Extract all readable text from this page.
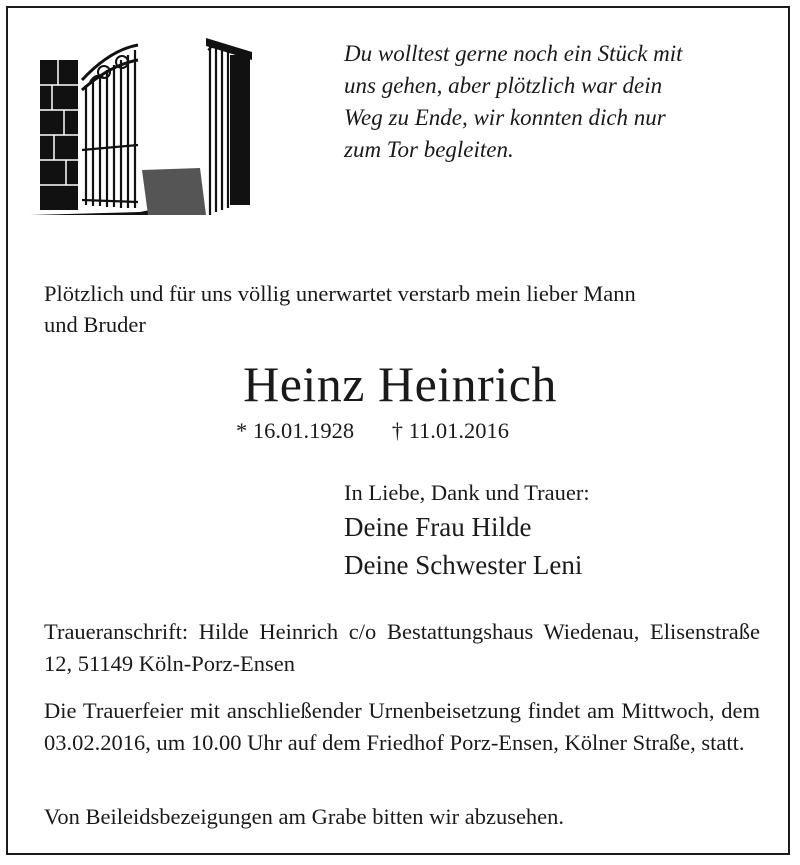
Du wolltest gerne noch ein Stück mit
uns gehen, aber plötzlich war dein
Weg zu Ende, wir konnten dich nur
zum Tor begleiten.
Plötzlich und für uns völlig unerwartet verstarb mein lieber Mann
und Bruder
Heinz Heinrich
* 16.01.1928 † 11.01.2016
In Liebe, Dank und Trauer:
Deine Frau Hilde
Deine Schwester Leni
Traueranschrift: Hilde Heinrich c/o Bestattungshaus Wiedenau, Elisenstraße 12, 51149 Köln-Porz-Ensen
Die Trauerfeier mit anschließender Urnenbeisetzung findet am Mittwoch, dem 03.02.2016, um 10.00 Uhr auf dem Friedhof Porz-Ensen, Kölner Straße, statt.
Von Beileidsbezeigungen am Grabe bitten wir abzusehen.
